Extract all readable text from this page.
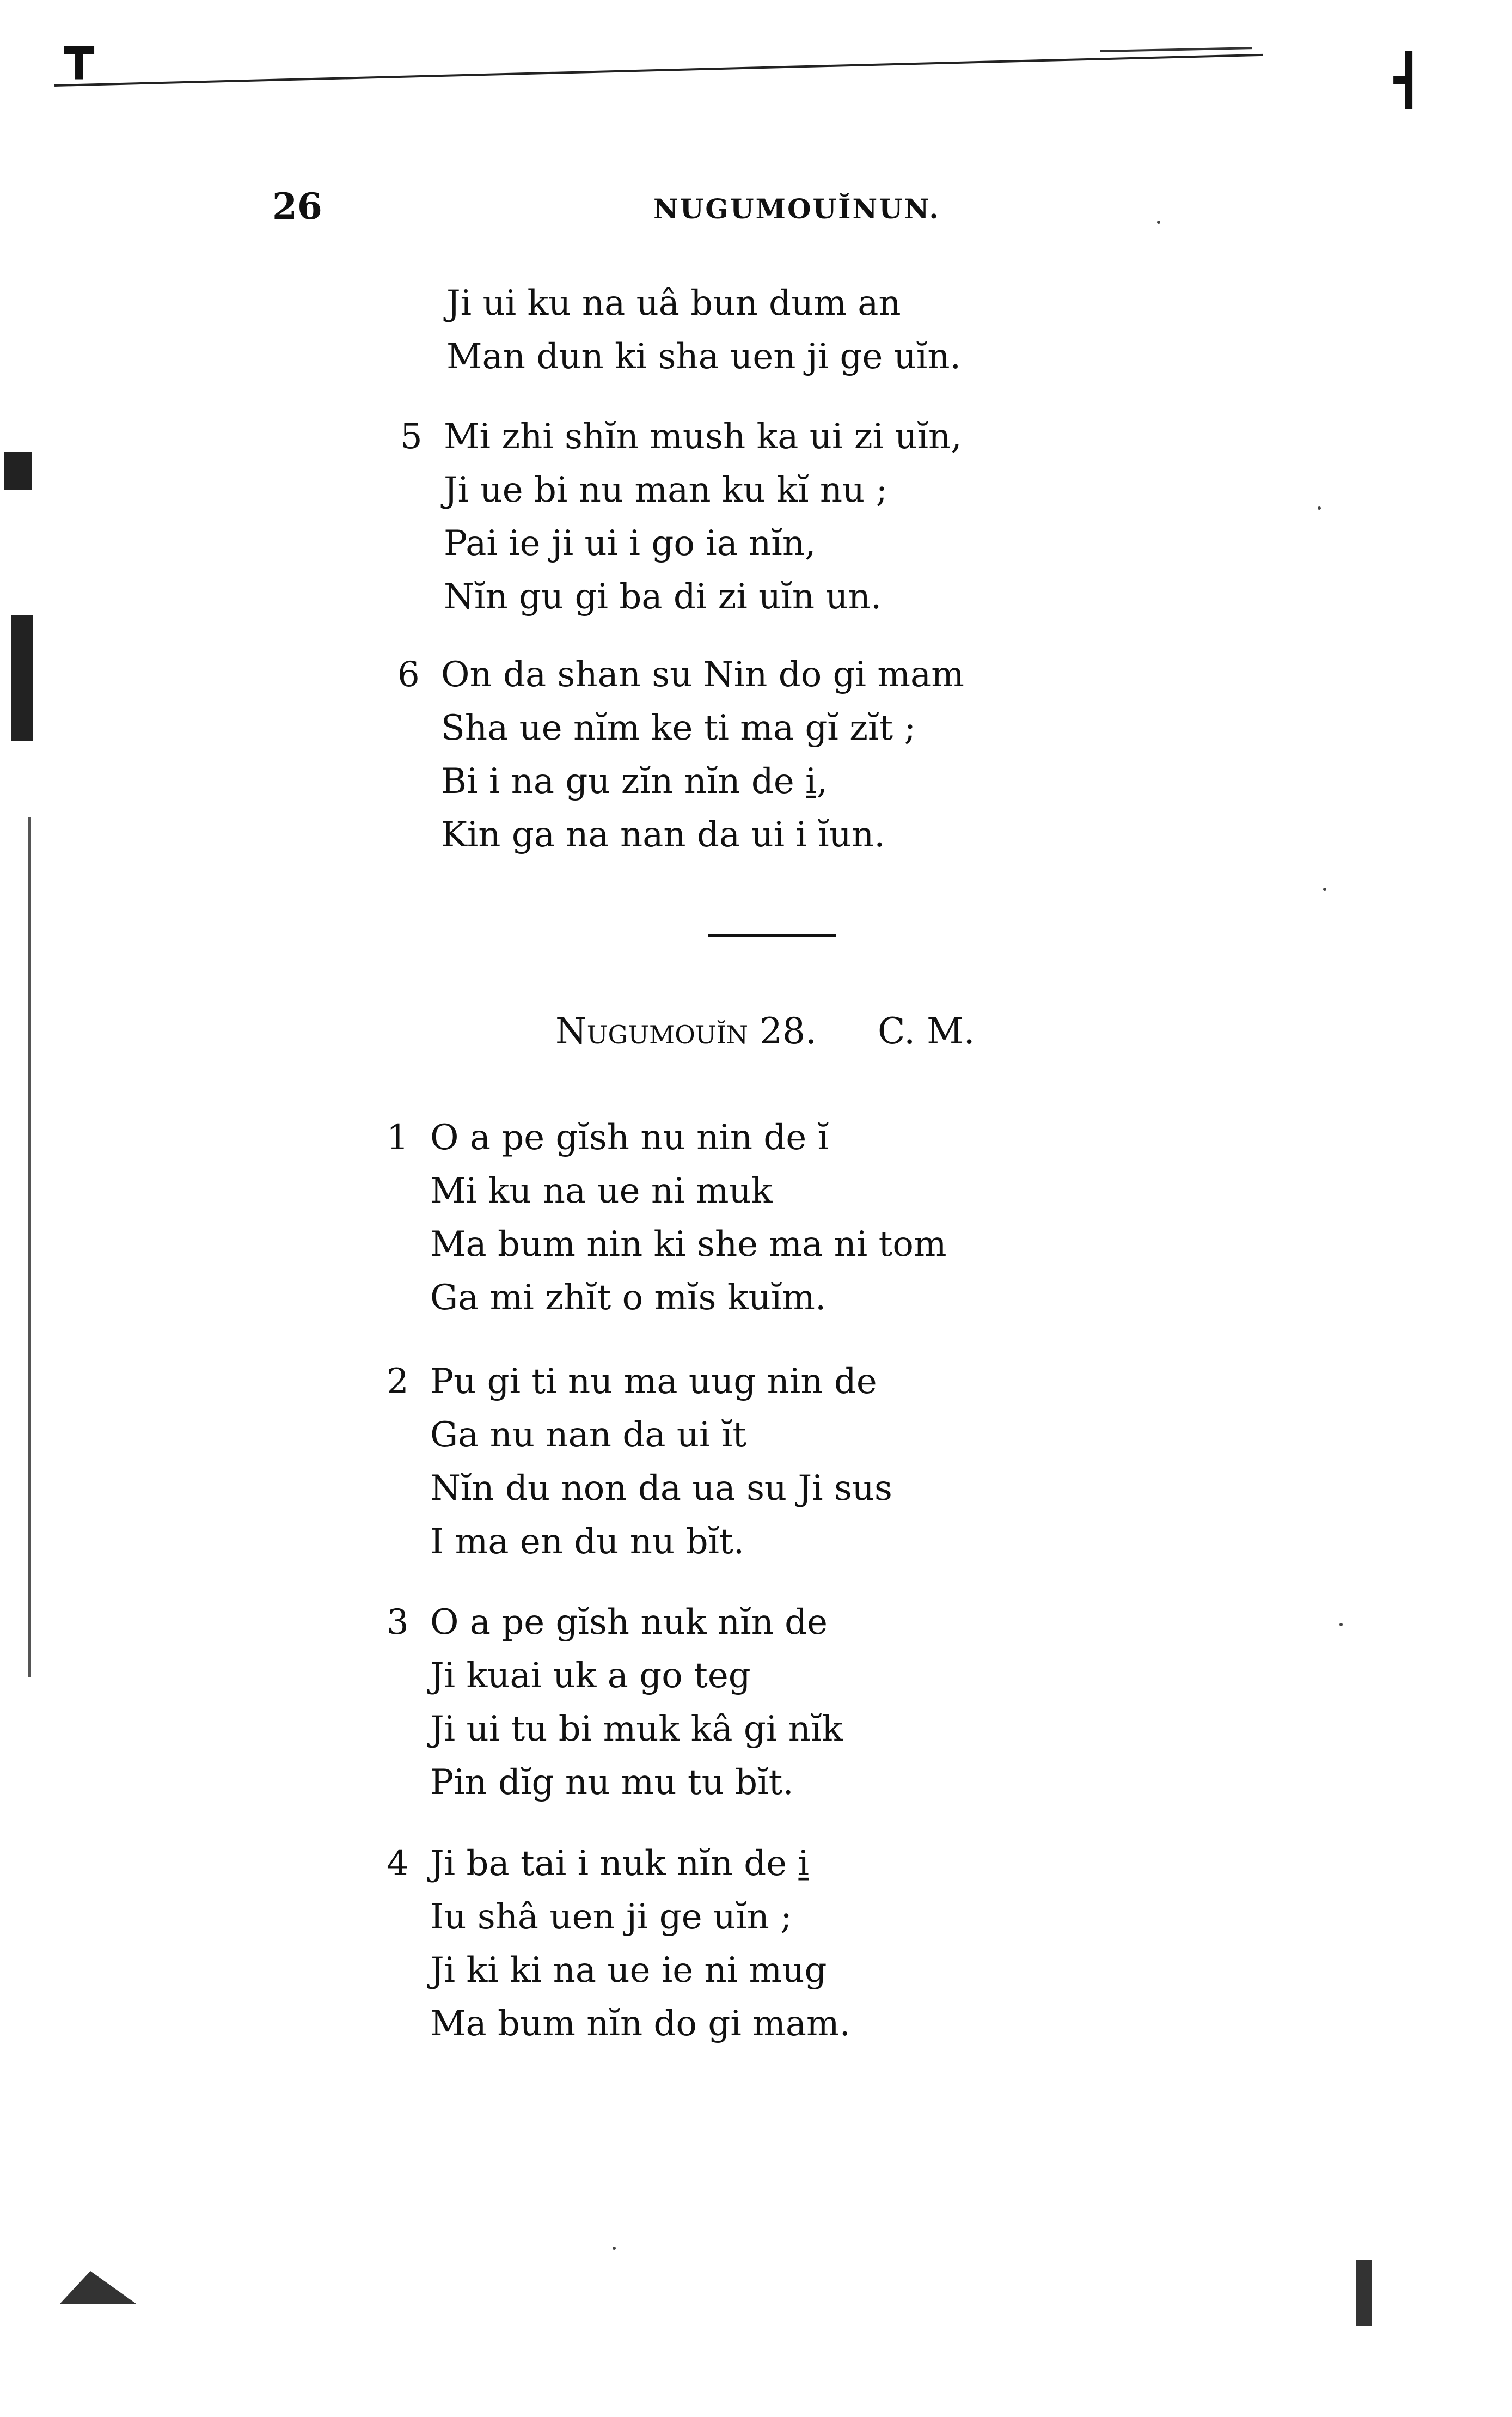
┳
┫
26	NUGUMOUĬNUN.
Ji ui ku na uâ bun dum an
Man dun ki sha uen ji ge uĭn.
5 Mi zhi shĭn mush ka ui zi uĭn,
Ji ue bi nu man ku kĭ nu ;
Pai ie ji ui i go ia nĭn,
Nĭn gu gi ba di zi uĭn un.
6 On da shan su Nin do gi mam
Sha ue nĭm ke ti ma gĭ zĭt ;
Bi i na gu zĭn nĭn de i̱,
Kin ga na nan da ui i ĭun.
Nugumouĭn 28. C. M.
1 O a pe gĭsh nu nin de ĭ
Mi ku na ue ni muk
Ma bum nin ki she ma ni tom
Ga mi zhĭt o mĭs kuĭm.
2 Pu gi ti nu ma uug nin de
Ga nu nan da ui ĭt
Nĭn du non da ua su Ji sus
I ma en du nu bĭt.
3 O a pe gĭsh nuk nĭn de
Ji kuai uk a go teg
Ji ui tu bi muk kâ gi nĭk
Pin dĭg nu mu tu bĭt.
4 Ji ba tai i nuk nĭn de i̱
Iu shâ uen ji ge uĭn ;
Ji ki ki na ue ie ni mug
Ma bum nĭn do gi mam.
